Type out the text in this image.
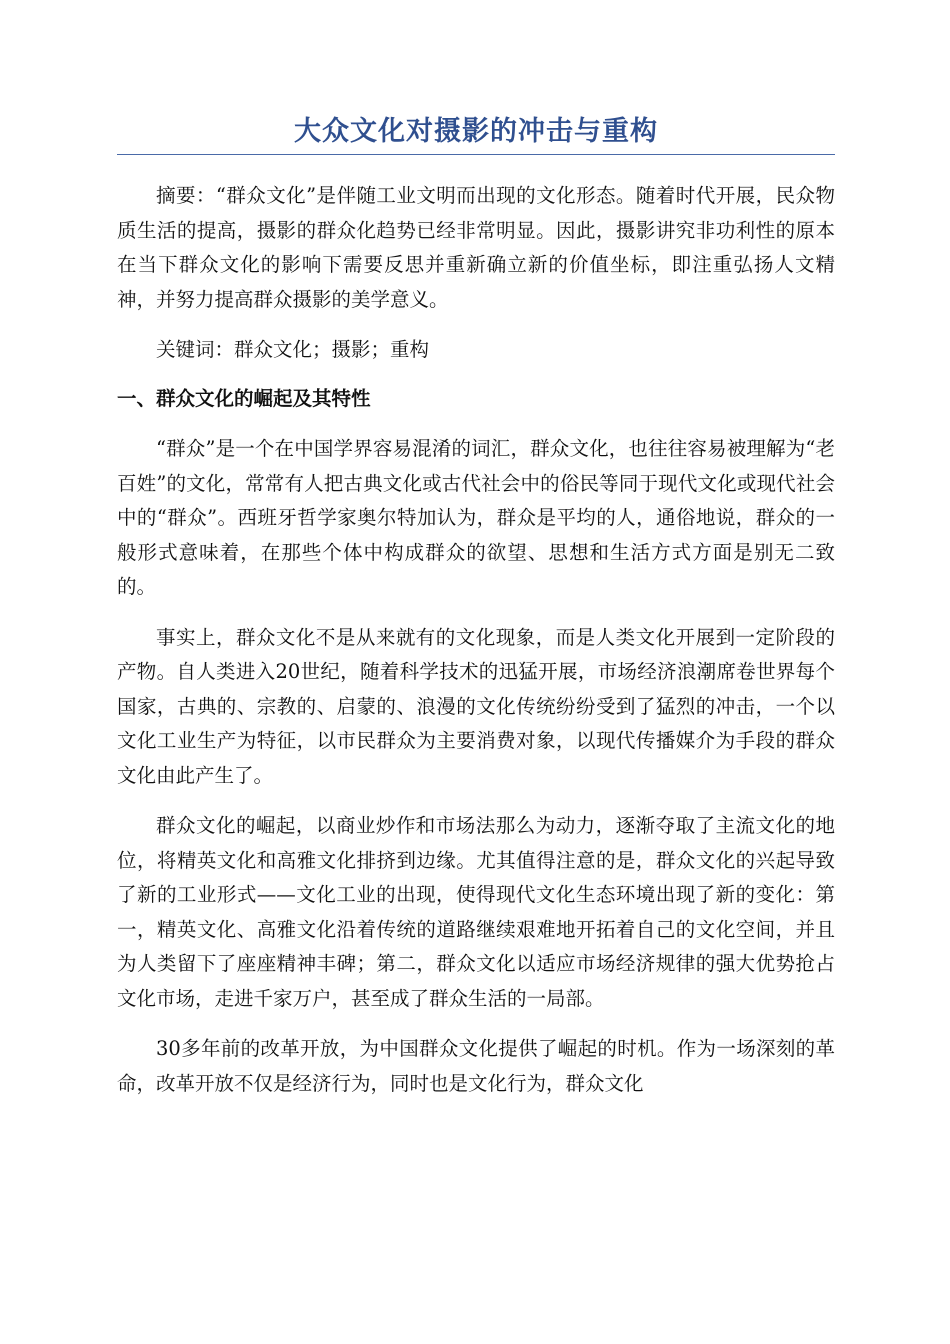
大众文化对摄影的冲击与重构

摘要：“群众文化”是伴随工业文明而出现的文化形态。随着时代开展，民众物质生活的提高，摄影的群众化趋势已经非常明显。因此，摄影讲究非功利性的原本在当下群众文化的影响下需要反思并重新确立新的价值坐标，即注重弘扬人文精神，并努力提高群众摄影的美学意义。

关键词：群众文化；摄影；重构

一、群众文化的崛起及其特性

“群众”是一个在中国学界容易混淆的词汇，群众文化，也往往容易被理解为“老百姓”的文化，常常有人把古典文化或古代社会中的俗民等同于现代文化或现代社会中的“群众”。西班牙哲学家奥尔特加认为，群众是平均的人，通俗地说，群众的一般形式意味着，在那些个体中构成群众的欲望、思想和生活方式方面是别无二致的。

事实上，群众文化不是从来就有的文化现象，而是人类文化开展到一定阶段的产物。自人类进入20世纪，随着科学技术的迅猛开展，市场经济浪潮席卷世界每个国家，古典的、宗教的、启蒙的、浪漫的文化传统纷纷受到了猛烈的冲击，一个以文化工业生产为特征，以市民群众为主要消费对象，以现代传播媒介为手段的群众文化由此产生了。

群众文化的崛起，以商业炒作和市场法那么为动力，逐渐夺取了主流文化的地位，将精英文化和高雅文化排挤到边缘。尤其值得注意的是，群众文化的兴起导致了新的工业形式——文化工业的出现，使得现代文化生态环境出现了新的变化：第一，精英文化、高雅文化沿着传统的道路继续艰难地开拓着自己的文化空间，并且为人类留下了座座精神丰碑；第二，群众文化以适应市场经济规律的强大优势抢占文化市场，走进千家万户，甚至成了群众生活的一局部。

30多年前的改革开放，为中国群众文化提供了崛起的时机。作为一场深刻的革命，改革开放不仅是经济行为，同时也是文化行为，群众文化
